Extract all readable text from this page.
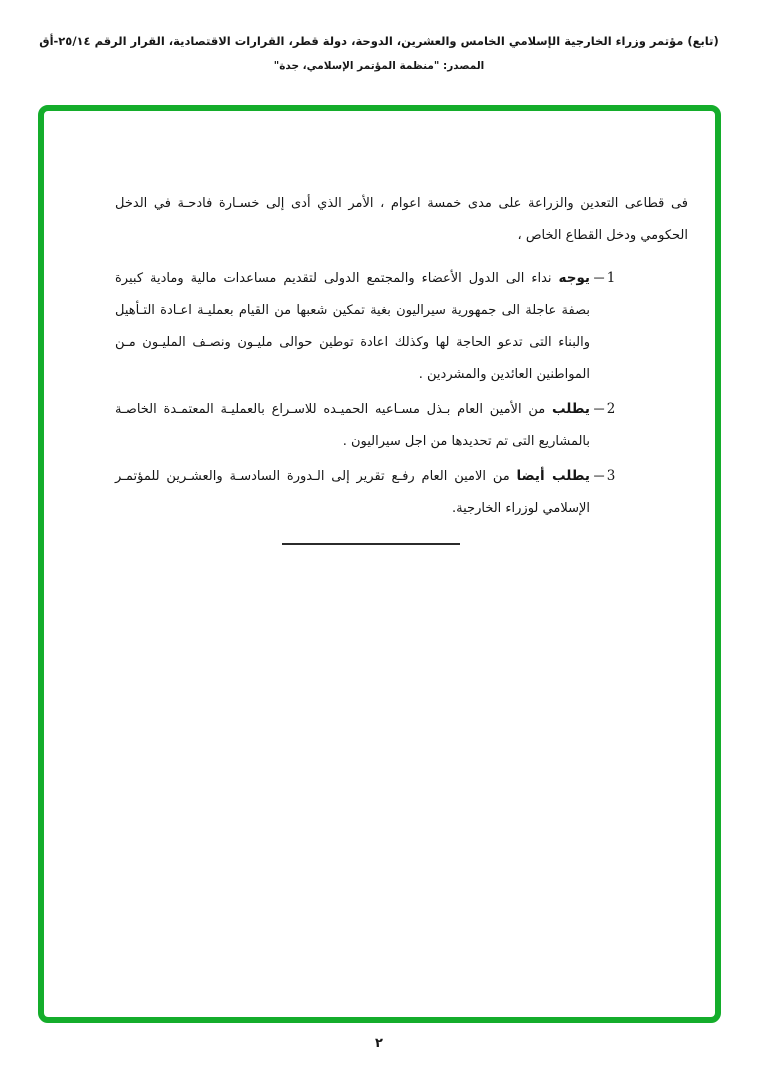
(تابع) مؤتمر وزراء الخارجية الإسلامي الخامس والعشرين، الدوحة، دولة قطر، القرارات الاقتصادية، القرار الرقم ٢٥/١٤-أق
المصدر: "منظمة المؤتمر الإسلامي، جدة"
فى قطاعى التعدين والزراعة على مدى خمسة اعوام ، الأمر الذي أدى إلى خسـارة فادحـة في الدخل الحكومي ودخل القطاع الخاص ،
– 1
يوجه نداء الى الدول الأعضاء والمجتمع الدولى لتقديم مساعدات مالية ومادية كبيرة بصفة عاجلة الى جمهورية سيراليون بغية تمكين شعبها من القيام بعمليـة اعـادة التـأهيل والبناء التى تدعو الحاجة لها وكذلك اعادة توطين حوالى مليـون ونصـف المليـون مـن المواطنين العائدين والمشردين .
– 2
يطلب من الأمين العام بـذل مسـاعيه الحميـده للاسـراع بالعمليـة المعتمـدة الخاصـة بالمشاريع التى تم تحديدها من اجل سيراليون .
– 3
يطلب أيضا من الامين العام رفـع تقرير إلى الـدورة السادسـة والعشـرين للمؤتمـر الإسلامي لوزراء الخارجية.
٢
